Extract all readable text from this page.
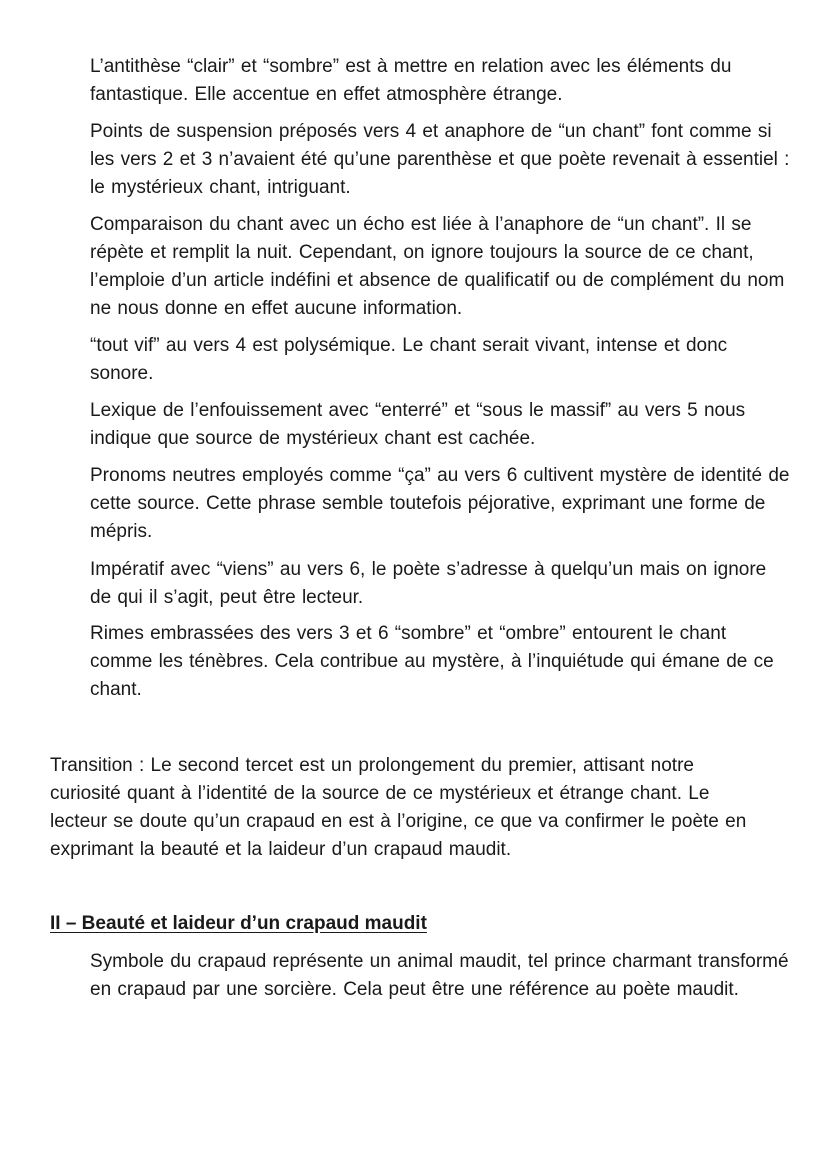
L’antithèse “clair” et “sombre” est à mettre en relation avec les éléments du fantastique. Elle accentue en effet atmosphère étrange.

Points de suspension préposés vers 4 et anaphore de “un chant” font comme si les vers 2 et 3 n’avaient été qu’une parenthèse et que poète revenait à essentiel : le mystérieux chant, intriguant.

Comparaison du chant avec un écho est liée à l’anaphore de “un chant”. Il se répète et remplit la nuit. Cependant, on ignore toujours la source de ce chant, l’emploie d’un article indéfini et absence de qualificatif ou de complément du nom ne nous donne en effet aucune information.

“tout vif” au vers 4 est polysémique. Le chant serait vivant, intense et donc sonore.

Lexique de l’enfouissement avec “enterré” et “sous le massif” au vers 5 nous indique que source de mystérieux chant est cachée.

Pronoms neutres employés comme “ça” au vers 6 cultivent mystère de identité de cette source. Cette phrase semble toutefois péjorative, exprimant une forme de mépris.

Impératif avec “viens” au vers 6, le poète s’adresse à quelqu’un mais on ignore de qui il s’agit, peut être lecteur.

Rimes embrassées des vers 3 et 6 “sombre” et “ombre” entourent le chant comme les ténèbres. Cela contribue au mystère, à l’inquiétude qui émane de ce chant.

Transition : Le second tercet est un prolongement du premier, attisant notre curiosité quant à l’identité de la source de ce mystérieux et étrange chant. Le lecteur se doute qu’un crapaud en est à l’origine, ce que va confirmer le poète en exprimant la beauté et la laideur d’un crapaud maudit.

II – Beauté et laideur d’un crapaud maudit

Symbole du crapaud représente un animal maudit, tel prince charmant transformé en crapaud par une sorcière. Cela peut être une référence au poète maudit.
